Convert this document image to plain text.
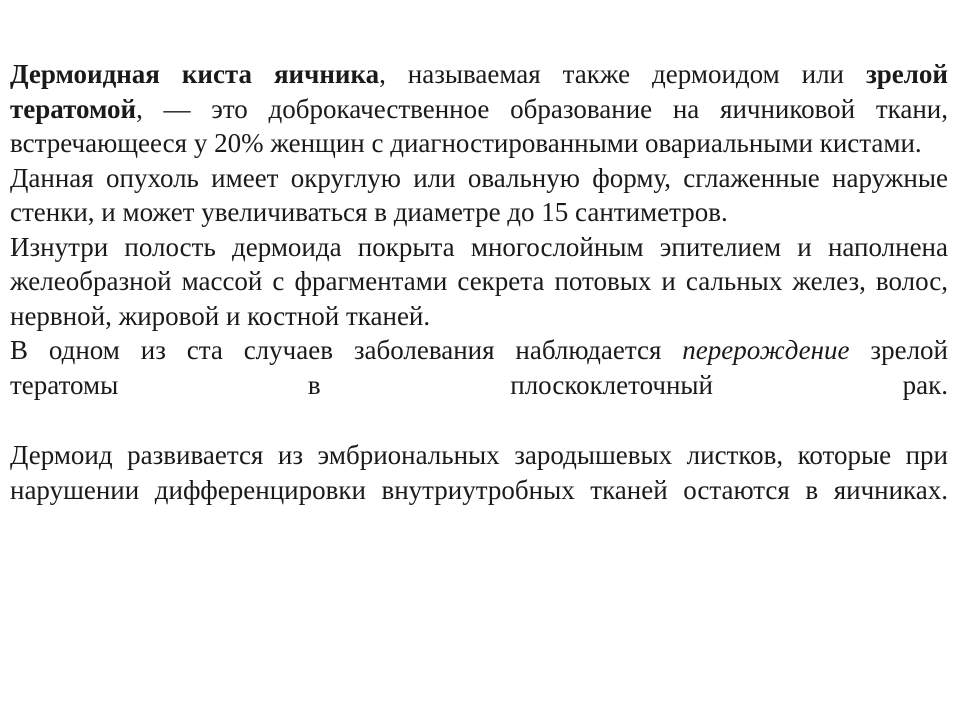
Дермоидная киста яичника, называемая также дермоидом или зрелой тератомой, — это доброкачественное образование на яичниковой ткани, встречающееся у 20% женщин с диагностированными овариальными кистами.

Данная опухоль имеет округлую или овальную форму, сглаженные наружные стенки, и может увеличиваться в диаметре до 15 сантиметров.

Изнутри полость дермоида покрыта многослойным эпителием и наполнена желеобразной массой с фрагментами секрета потовых и сальных желез, волос, нервной, жировой и костной тканей.

В одном из ста случаев заболевания наблюдается перерождение зрелой тератомы в плоскоклеточный рак.

Дермоид развивается из эмбриональных зародышевых листков, которые при нарушении дифференцировки внутриутробных тканей остаются в яичниках.
